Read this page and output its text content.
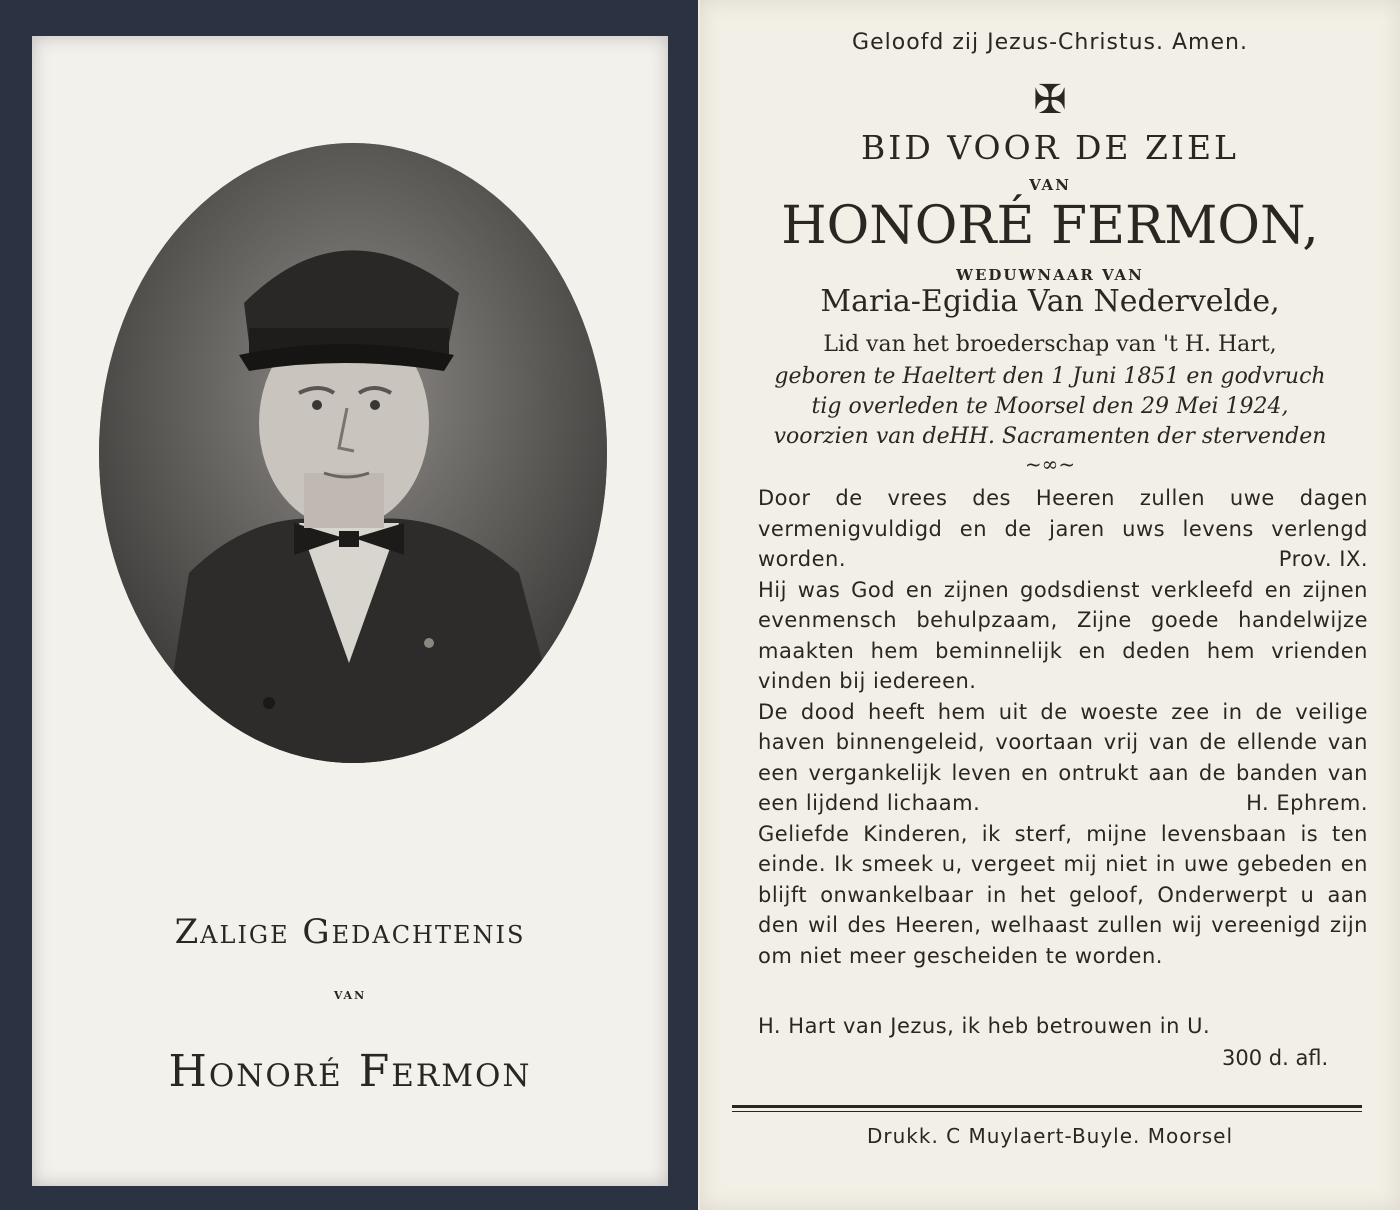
Zalige Gedachtenis
van
Honoré Fermon
Geloofd zij Jezus-Christus. Amen.
✠
BID VOOR DE ZIEL
VAN
HONORÉ FERMON,
WEDUWNAAR VAN
Maria-Egidia Van Nedervelde,
Lid van het broederschap van 't H. Hart,
geboren te Haeltert den 1 Juni 1851 en godvruch
tig overleden te Moorsel den 29 Mei 1924,
voorzien van deHH. Sacramenten der stervenden
~∞~

Door de vrees des Heeren zullen uwe dagen vermenigvuldigd en de jaren uws levens verlengd worden.	Prov. IX.

Hij was God en zijnen godsdienst verkleefd en zijnen evenmensch behulpzaam, Zijne goede handelwijze maakten hem beminnelijk en deden hem vrienden vinden bij iedereen.

De dood heeft hem uit de woeste zee in de veilige haven binnengeleid, voortaan vrij van de ellende van een vergankelijk leven en ontrukt aan de banden van een lijdend lichaam.	H. Ephrem.

Geliefde Kinderen, ik sterf, mijne levensbaan is ten einde. Ik smeek u, vergeet mij niet in uwe gebeden en blijft onwankelbaar in het geloof, Onderwerpt u aan den wil des Heeren, welhaast zullen wij vereenigd zijn om niet meer gescheiden te worden.

H. Hart van Jezus, ik heb betrouwen in U.
300 d. afl.
Drukk. C Muylaert-Buyle. Moorsel
